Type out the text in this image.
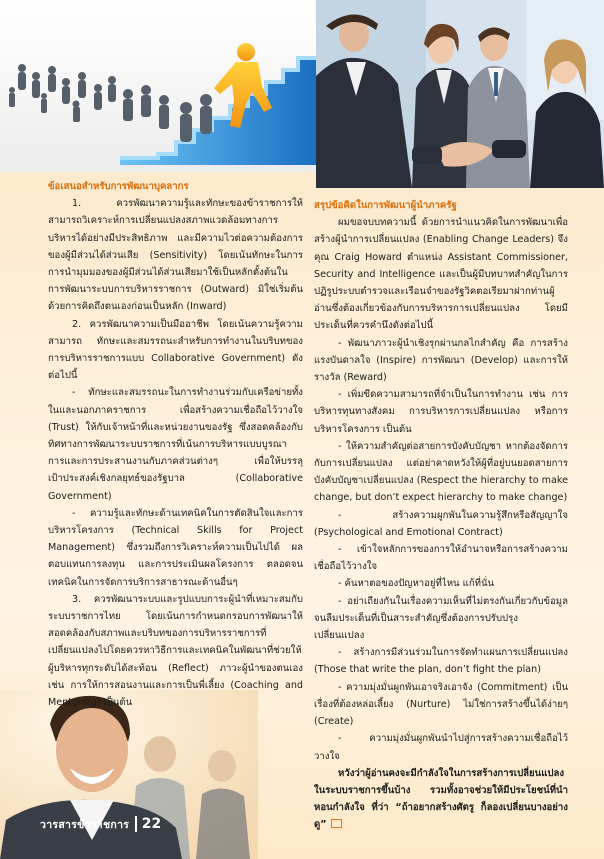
ข้อเสนอสำหรับการพัฒนาบุคลากร

1. ควรพัฒนาความรู้และทักษะของข้าราชการให้สามารถวิเคราะห์การเปลี่ยนแปลงสภาพแวดล้อมทางการบริหารได้อย่างมีประสิทธิภาพ และมีความไวต่อความต้องการของผู้มีส่วนได้ส่วนเสีย (Sensitivity) โดยเน้นทักษะในการการนำมุมมองของผู้มีส่วนได้ส่วนเสียมาใช้เป็นหลักตั้งต้นในการพัฒนาระบบการบริหารราชการ (Outward) มิใช่เริ่มต้นด้วยการคิดถึงตนเองก่อนเป็นหลัก (Inward)

2. ควรพัฒนาความเป็นมืออาชีพ โดยเน้นความรู้ความสามารถ ทักษะและสมรรถนะสำหรับการทำงานในบริบทของการบริหารราชการแบบ Collaborative Government) ดังต่อไปนี้

- ทักษะและสมรรถนะในการทำงานร่วมกับเครือข่ายทั้งในและนอกภาคราชการ เพื่อสร้างความเชื่อถือไว้วางใจ (Trust) ให้กับเจ้าหน้าที่และหน่วยงานของรัฐ ซึ่งสอดคล้องกับทิศทางการพัฒนาระบบราชการที่เน้นการบริหารแบบบูรณาการและการประสานงานกับภาคส่วนต่างๆ เพื่อให้บรรลุเป้าประสงค์เชิงกลยุทธ์ของรัฐบาล (Collaborative Government)

- ความรู้และทักษะด้านเทคนิคในการตัดสินใจและการบริหารโครงการ (Technical Skills for Project Management) ซึ่งรวมถึงการวิเคราะห์ความเป็นไปได้ ผลตอบแทนการลงทุน และการประเมินผลโครงการ ตลอดจนเทคนิคในการจัดการบริการสาธารณะด้านอื่นๆ

3. ควรพัฒนาระบบและรูปแบบการะผู้นำที่เหมาะสมกับระบบราชการไทย โดยเน้นการกำหนดกรอบการพัฒนาให้สอดคล้องกับสภาพและบริบทของการบริหารราชการที่เปลี่ยนแปลงไปโดยควรหาวิธีการและเทคนิคในพัฒนาที่ช่วยให้ผู้บริหารทุกระดับได้สะท้อน (Reflect) ภาวะผู้นำของตนเอง เช่น การให้การสอนงานและการเป็นพี่เลี้ยง (Coaching and Mentoring) เป็นต้น

สรุปข้อคิดในการพัฒนาผู้นำภาครัฐ

ผมขอจบบทความนี้ ด้วยการนำแนวคิดในการพัฒนาเพื่อสร้างผู้นำการเปลี่ยนแปลง (Enabling Change Leaders) จึงคุณ Craig Howard ตำแหน่ง Assistant Commissioner, Security and Intelligence และเป็นผู้มีบทบาทสำคัญในการปฏิรูประบบตำรวจและเรือนจำของรัฐวิคตอเรียมาฝากท่านผู้อ่านซึ่งต้องเกี่ยวข้องกับการบริหารการเปลี่ยนแปลง โดยมีประเด็นที่ควรคำนึงดังต่อไปนี้

- พัฒนาภาวะผู้นำเชิงรุกผ่านกลไกสำคัญ คือ การสร้างแรงบันดาลใจ (Inspire) การพัฒนา (Develop) และการให้รางวัล (Reward)

- เพิ่มขีดความสามารถที่จำเป็นในการทำงาน เช่น การบริหารทุนทางสังคม การบริหารการเปลี่ยนแปลง หรือการบริหารโครงการ เป็นต้น

- ให้ความสำคัญต่อสายการบังคับบัญชา หากต้องจัดการกับการเปลี่ยนแปลง แต่อย่าคาดหวังให้ผู้ที่อยู่บนยอดสายการบังคับบัญชาเปลี่ยนแปลง (Respect the hierarchy to make change, but don’t expect hierarchy to make change)

- สร้างความผูกพันในความรู้สึกหรือสัญญาใจ (Psychological and Emotional Contract)

- เข้าใจหลักการของการให้อำนาจหรือการสร้างความเชื่อถือไว้วางใจ

- ค้นหาตอของปัญหาอยู่ที่ไหน แก้ที่นั่น

- อย่าเถียงกันในเรื่องความเห็นที่ไม่ตรงกันเกี่ยวกับข้อมูล จนลืมประเด็นที่เป็นสาระสำคัญซึ่งต้องการปรับปรุงเปลี่ยนแปลง

- สร้างการมีส่วนร่วมในการจัดทำแผนการเปลี่ยนแปลง (Those that write the plan, don’t fight the plan)

- ความมุ่งมั่นผูกพันเอาจริงเอาจัง (Commitment) เป็นเรื่องที่ต้องหล่อเลี้ยง (Nurture) ไม่ใช่การสร้างขึ้นได้ง่ายๆ (Create)

- ความมุ่งมั่นผูกพันนำไปสู่การสร้างความเชื่อถือไว้วางใจ

หวังว่าผู้อ่านคงจะมีกำลังใจในการสร้างการเปลี่ยนแปลงในระบบราชการขึ้นบ้าง รวมทั้งอาจช่วยให้มีประโยชน์ที่นำหอนกำลังใจ ที่ว่า “ถ้าอยากสร้างศัตรู ก็ลองเปลี่ยนบางอย่างดู”

วารสารข้าราชการ 22
